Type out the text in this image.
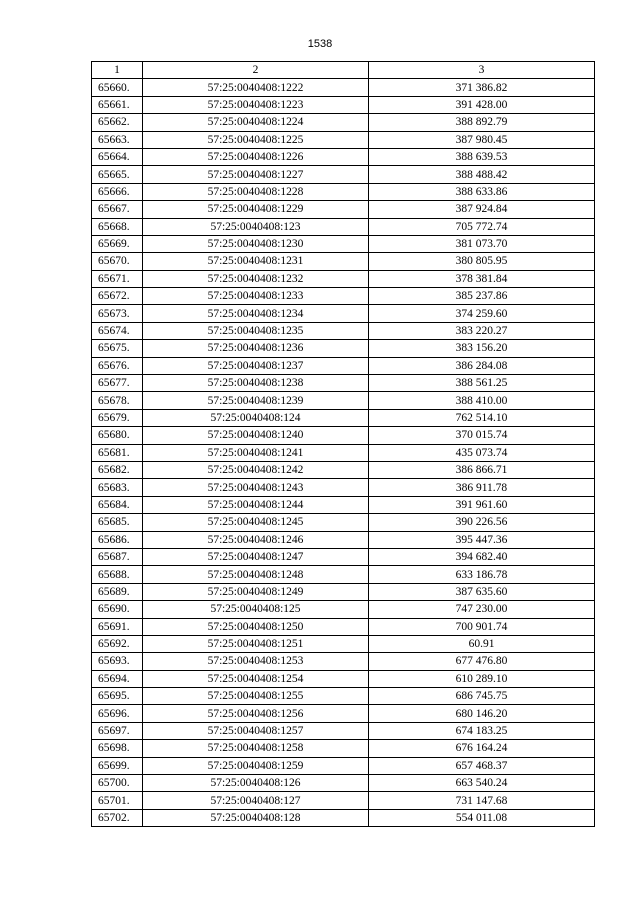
1538
1	2	3
65660.	57:25:0040408:1222	371 386.82
65661.	57:25:0040408:1223	391 428.00
65662.	57:25:0040408:1224	388 892.79
65663.	57:25:0040408:1225	387 980.45
65664.	57:25:0040408:1226	388 639.53
65665.	57:25:0040408:1227	388 488.42
65666.	57:25:0040408:1228	388 633.86
65667.	57:25:0040408:1229	387 924.84
65668.	57:25:0040408:123	705 772.74
65669.	57:25:0040408:1230	381 073.70
65670.	57:25:0040408:1231	380 805.95
65671.	57:25:0040408:1232	378 381.84
65672.	57:25:0040408:1233	385 237.86
65673.	57:25:0040408:1234	374 259.60
65674.	57:25:0040408:1235	383 220.27
65675.	57:25:0040408:1236	383 156.20
65676.	57:25:0040408:1237	386 284.08
65677.	57:25:0040408:1238	388 561.25
65678.	57:25:0040408:1239	388 410.00
65679.	57:25:0040408:124	762 514.10
65680.	57:25:0040408:1240	370 015.74
65681.	57:25:0040408:1241	435 073.74
65682.	57:25:0040408:1242	386 866.71
65683.	57:25:0040408:1243	386 911.78
65684.	57:25:0040408:1244	391 961.60
65685.	57:25:0040408:1245	390 226.56
65686.	57:25:0040408:1246	395 447.36
65687.	57:25:0040408:1247	394 682.40
65688.	57:25:0040408:1248	633 186.78
65689.	57:25:0040408:1249	387 635.60
65690.	57:25:0040408:125	747 230.00
65691.	57:25:0040408:1250	700 901.74
65692.	57:25:0040408:1251	60.91
65693.	57:25:0040408:1253	677 476.80
65694.	57:25:0040408:1254	610 289.10
65695.	57:25:0040408:1255	686 745.75
65696.	57:25:0040408:1256	680 146.20
65697.	57:25:0040408:1257	674 183.25
65698.	57:25:0040408:1258	676 164.24
65699.	57:25:0040408:1259	657 468.37
65700.	57:25:0040408:126	663 540.24
65701.	57:25:0040408:127	731 147.68
65702.	57:25:0040408:128	554 011.08
